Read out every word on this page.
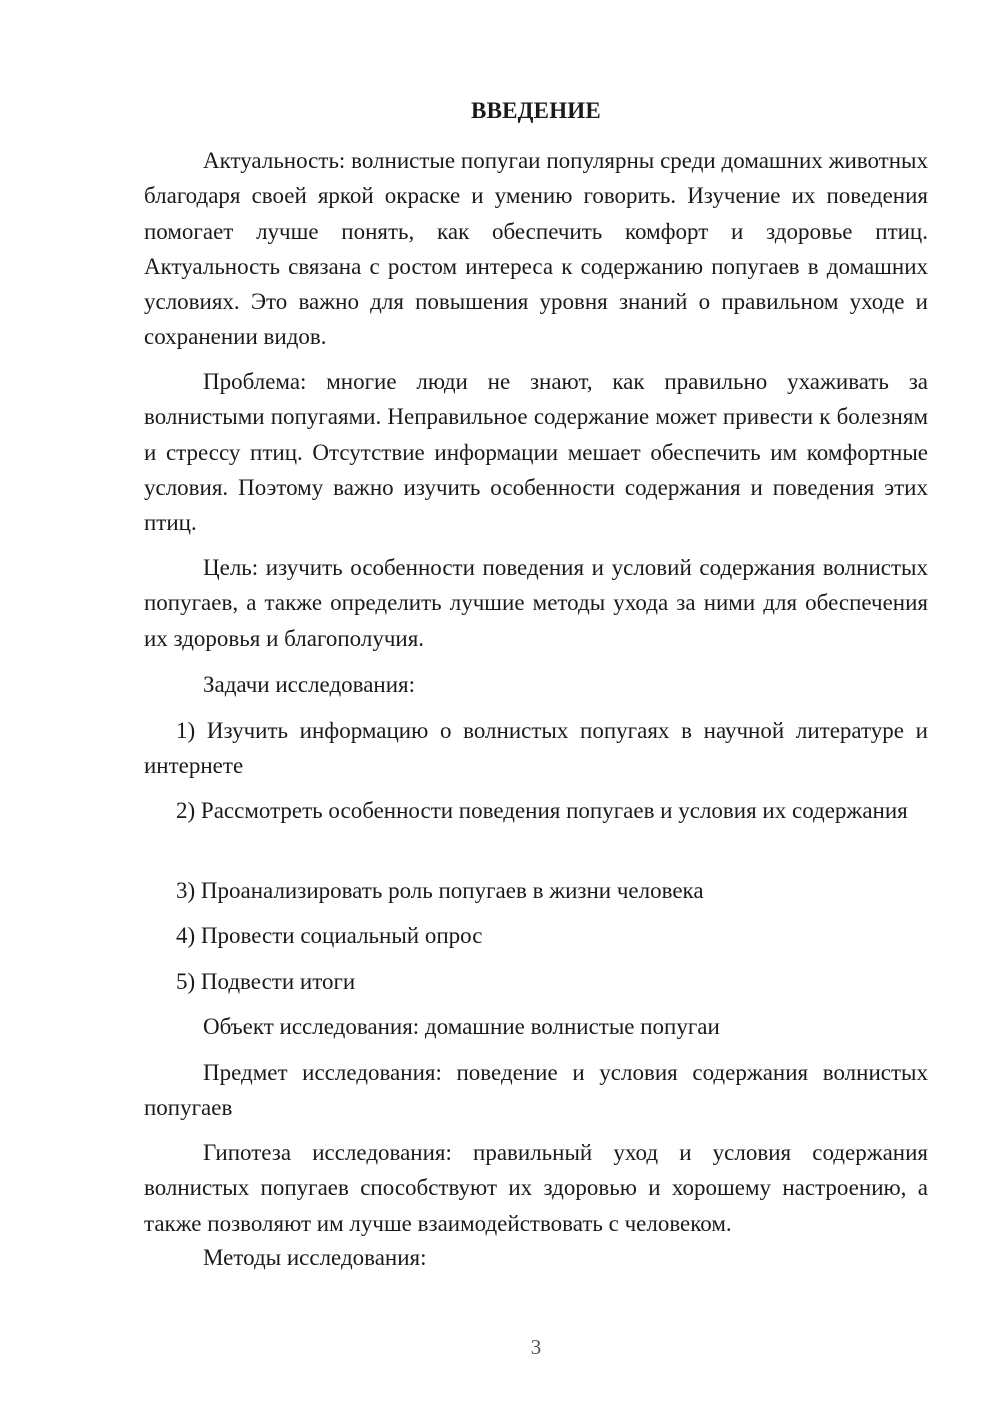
ВВЕДЕНИЕ

Актуальность: волнистые попугаи популярны среди домашних животных благодаря своей яркой окраске и умению говорить. Изучение их поведения помогает лучше понять, как обеспечить комфорт и здоровье птиц. Актуальность связана с ростом интереса к содержанию попугаев в домашних условиях. Это важно для повышения уровня знаний о правильном уходе и сохранении видов.

Проблема: многие люди не знают, как правильно ухаживать за волнистыми попугаями. Неправильное содержание может привести к болезням и стрессу птиц. Отсутствие информации мешает обеспечить им комфортные условия. Поэтому важно изучить особенности содержания и поведения этих птиц.

Цель: изучить особенности поведения и условий содержания волнистых попугаев, а также определить лучшие методы ухода за ними для обеспечения их здоровья и благополучия.

Задачи исследования:

1) Изучить информацию о волнистых попугаях в научной литературе и интернете

2) Рассмотреть особенности поведения попугаев и условия их содержания

3) Проанализировать роль попугаев в жизни человека

4) Провести социальный опрос

5) Подвести итоги

Объект исследования: домашние волнистые попугаи

Предмет исследования: поведение и условия содержания волнистых попугаев

Гипотеза исследования: правильный уход и условия содержания волнистых попугаев способствуют их здоровью и хорошему настроению, а также позволяют им лучше взаимодействовать с человеком.

Методы исследования:

3
